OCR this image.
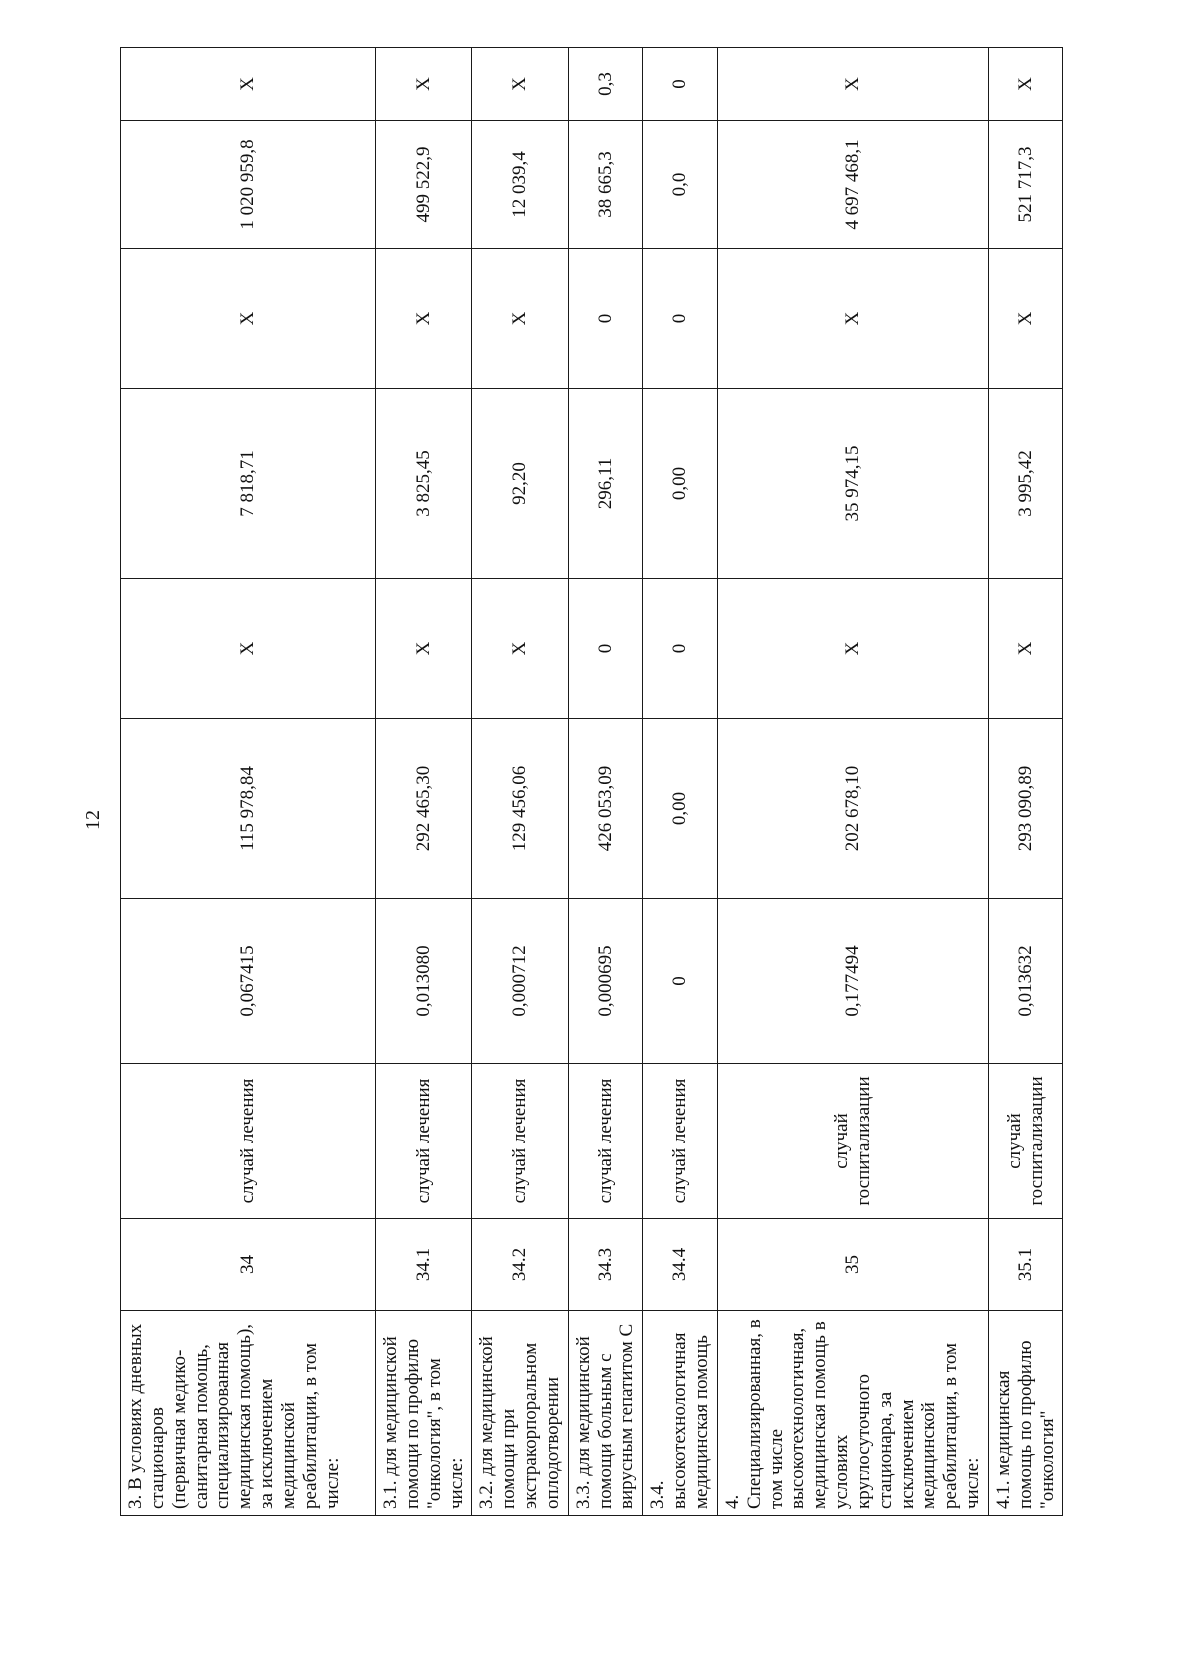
12
3. В условиях дневных стационаров (первичная медико-санитарная помощь, специализированная медицинская помощь), за исключением медицинской реабилитации, в том числе:	34	случай лечения	0,067415	115 978,84	X	7 818,71	X	1 020 959,8	X
3.1. для медицинской помощи по профилю "онкология", в том числе:	34.1	случай лечения	0,013080	292 465,30	X	3 825,45	X	499 522,9	X
3.2. для медицинской помощи при экстракорпоральном оплодотворении	34.2	случай лечения	0,000712	129 456,06	X	92,20	X	12 039,4	X
3.3. для медицинской помощи больным с вирусным гепатитом С	34.3	случай лечения	0,000695	426 053,09	0	296,11	0	38 665,3	0,3
3.4. высокотехнологичная медицинская помощь	34.4	случай лечения	0	0,00	0	0,00	0	0,0	0
4. Специализированная, в том числе высокотехнологичная, медицинская помощь в условиях круглосуточного стационара, за исключением медицинской реабилитации, в том числе:	35	случай госпитализации	0,177494	202 678,10	X	35 974,15	X	4 697 468,1	X
4.1. медицинская помощь по профилю "онкология"	35.1	случай госпитализации	0,013632	293 090,89	X	3 995,42	X	521 717,3	X
